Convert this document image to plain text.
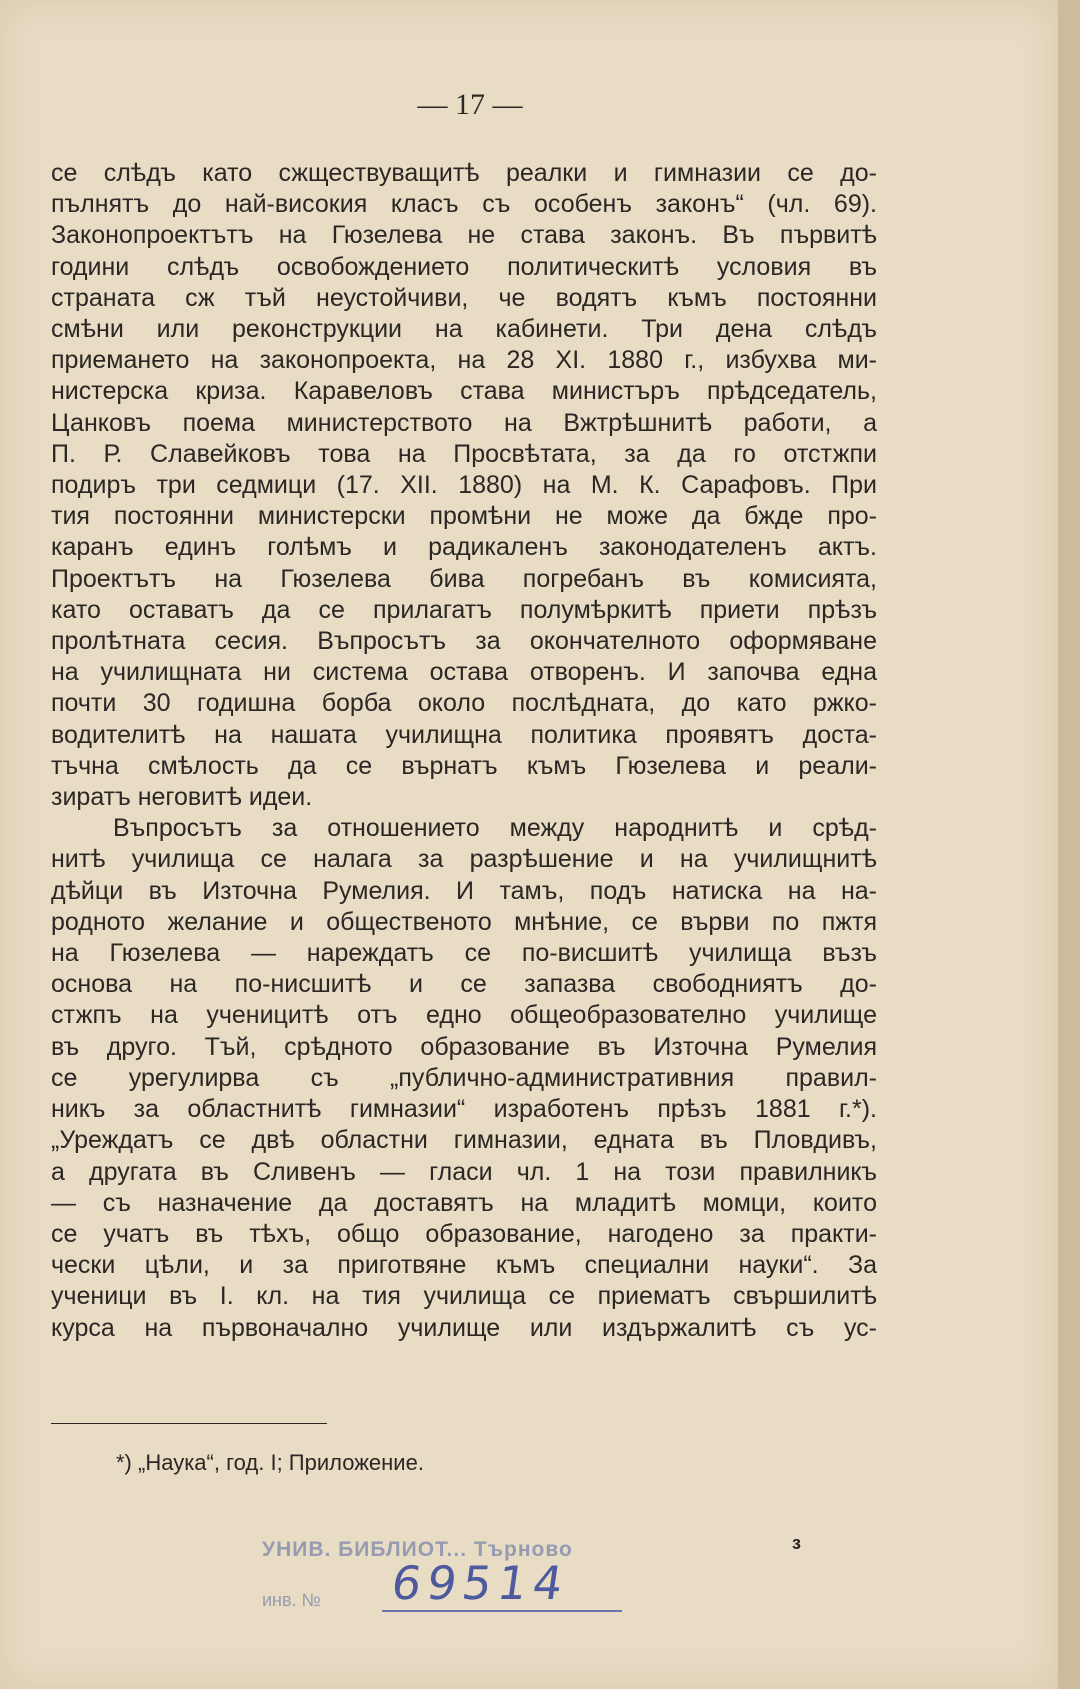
— 17 —

се слѣдъ като сжществуващитѣ реалки и гимназии се до-

пълнятъ до най-високия класъ съ особенъ законъ“ (чл. 69).

Законопроектътъ на Гюзелева не става законъ. Въ първитѣ

години слѣдъ освобождението политическитѣ условия въ

страната сж тъй неустойчиви, че водятъ къмъ постоянни

смѣни или реконструкции на кабинети. Три дена слѣдъ

приемането на законопроекта, на 28 XI. 1880 г., избухва ми-

нистерска криза. Каравеловъ става министъръ прѣдседатель,

Цанковъ поема министерството на Вжтрѣшнитѣ работи, а

П. Р. Славейковъ това на Просвѣтата, за да го отстжпи

подиръ три седмици (17. XII. 1880) на М. К. Сарафовъ. При

тия постоянни министерски промѣни не може да бжде про-

каранъ единъ голѣмъ и радикаленъ законодателенъ актъ.

Проектътъ на Гюзелева бива погребанъ въ комисията,

като оставатъ да се прилагатъ полумѣркитѣ приети прѣзъ

пролѣтната сесия. Въпросътъ за окончателното оформяване

на училищната ни система остава отворенъ. И започва една

почти 30 годишна борба около послѣдната, до като ржко-

водителитѣ на нашата училищна политика проявятъ доста-

тъчна смѣлость да се върнатъ къмъ Гюзелева и реали-

зиратъ неговитѣ идеи.

Въпросътъ за отношението между народнитѣ и срѣд-

нитѣ училища се налага за разрѣшение и на училищнитѣ

дѣйци въ Източна Румелия. И тамъ, подъ натиска на на-

родното желание и общественото мнѣние, се върви по пжтя

на Гюзелева — нареждатъ се по-висшитѣ училища възъ

основа на по-нисшитѣ и се запазва свободниятъ до-

стжпъ на ученицитѣ отъ едно общеобразователно училище

въ друго. Тъй, срѣдното образование въ Източна Румелия

се урегулирва съ „публично-административния правил-

никъ за областнитѣ гимназии“ изработенъ прѣзъ 1881 г.*).

„Уреждатъ се двѣ областни гимназии, едната въ Пловдивъ,

а другата въ Сливенъ — гласи чл. 1 на този правилникъ

— съ назначение да доставятъ на младитѣ момци, които

се учатъ въ тѣхъ, общо образование, нагодено за практи-

чески цѣли, и за приготвяне къмъ специални науки“. За

ученици въ I. кл. на тия училища се приематъ свършилитѣ

курса на първоначално училище или издържалитѣ съ ус-

*) „Наука“, год. I; Приложение.
УНИВ. БИБЛИОТ... Търново
инв. № 69514
з
